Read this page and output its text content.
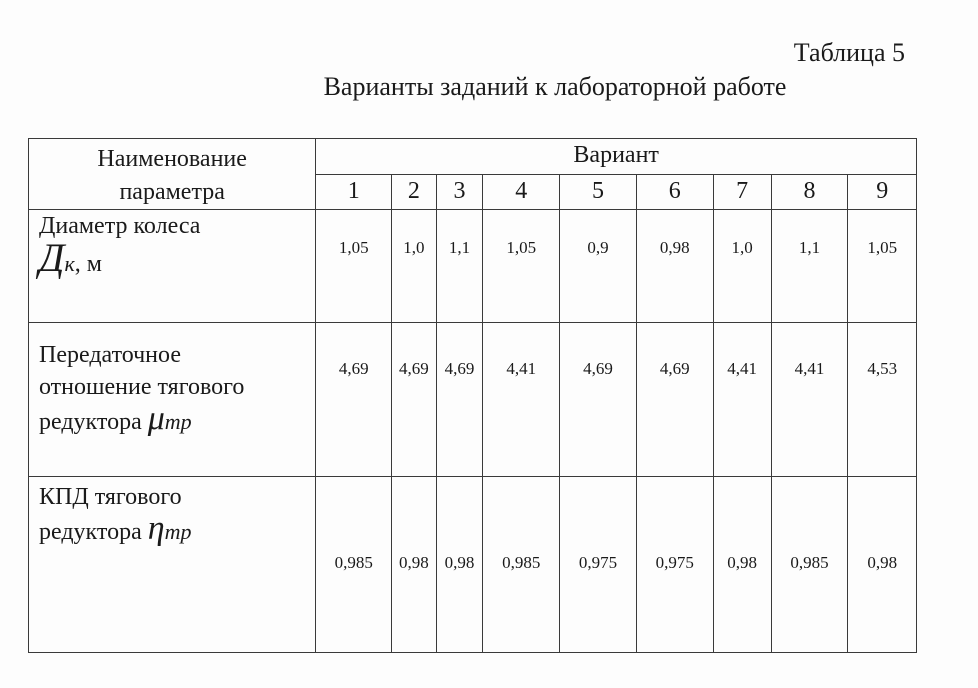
Таблица 5
Варианты заданий к лабораторной работе
Наименование
параметра	Вариант								
	1	2	3	4	5	6	7	8	9

Диаметр колеса
Дк, м	1,05	1,0	1,1	1,05	0,9	0,98	1,0	1,1	1,05

Передаточное
отношение тягового
редуктора μтр	4,69	4,69	4,69	4,41	4,69	4,69	4,41	4,41	4,53

КПД тягового
редуктора ηтр	0,985	0,98	0,98	0,985	0,975	0,975	0,98	0,985	0,98
